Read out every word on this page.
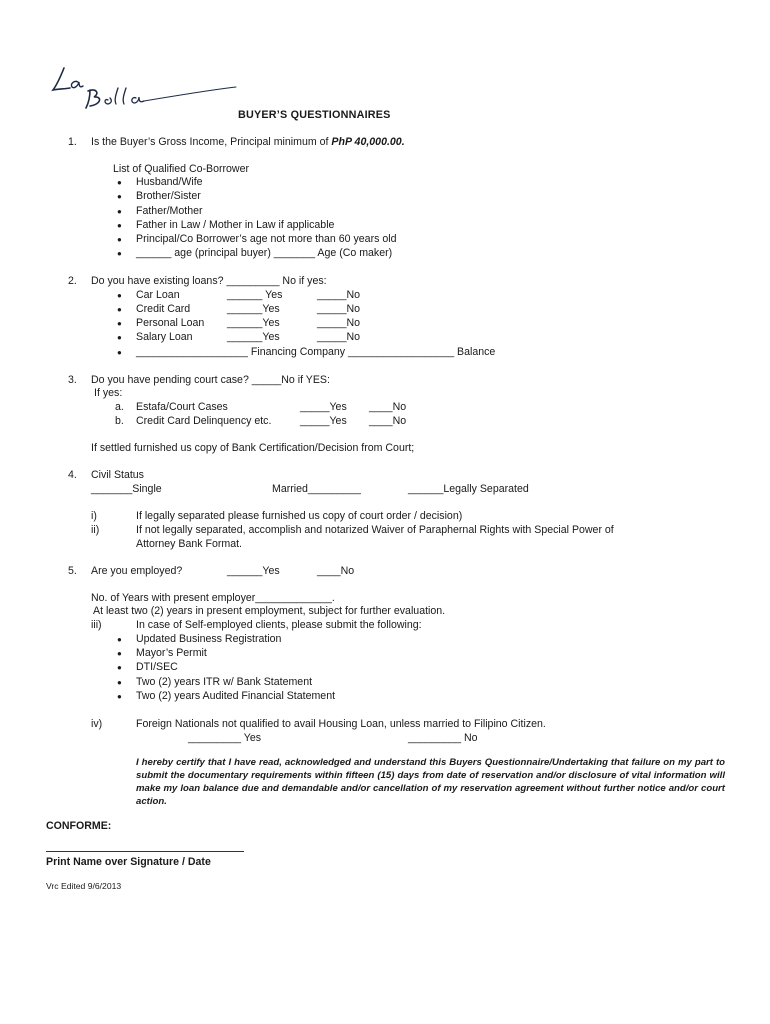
BUYER’S QUESTIONNAIRES
1. Is the Buyer’s Gross Income, Principal minimum of PhP 40,000.00.
List of Qualified Co-Borrower
● Husband/Wife
● Brother/Sister
● Father/Mother
● Father in Law / Mother in Law if applicable
● Principal/Co Borrower’s age not more than 60 years old
● ______ age (principal buyer) _______ Age (Co maker)
2. Do you have existing loans? _________ No if yes:
● Car Loan	______ Yes	_____No
● Credit Card	______Yes	_____No
● Personal Loan ______Yes	_____No
● Salary Loan	______Yes	_____No
● ___________________ Financing Company __________________ Balance
3. Do you have pending court case? _____No if YES:
If yes:
a. Estafa/Court Cases	_____Yes ____No
b. Credit Card Delinquency etc.	_____Yes ____No
If settled furnished us copy of Bank Certification/Decision from Court;
4. Civil Status
_______Single	Married_________	______Legally Separated
i)	If legally separated please furnished us copy of court order / decision)
ii)	If not legally separated, accomplish and notarized Waiver of Paraphernal Rights with Special Power of
Attorney Bank Format.
5. Are you employed?	______Yes	____No
No. of Years with present employer_____________.
At least two (2) years in present employment, subject for further evaluation.
iii)	In case of Self-employed clients, please submit the following:
● Updated Business Registration
● Mayor’s Permit
● DTI/SEC
● Two (2) years ITR w/ Bank Statement
● Two (2) years Audited Financial Statement
iv)	Foreign Nationals not qualified to avail Housing Loan, unless married to Filipino Citizen.
_________ Yes	_________ No
I hereby certify that I have read, acknowledged and understand this Buyers Questionnaire/Undertaking that failure on my part to submit the documentary requirements within fifteen (15) days from date of reservation and/or disclosure of vital information will make my loan balance due and demandable and/or cancellation of my reservation agreement without further notice and/or court action.
CONFORME:
Print Name over Signature / Date
Vrc Edited 9/6/2013
